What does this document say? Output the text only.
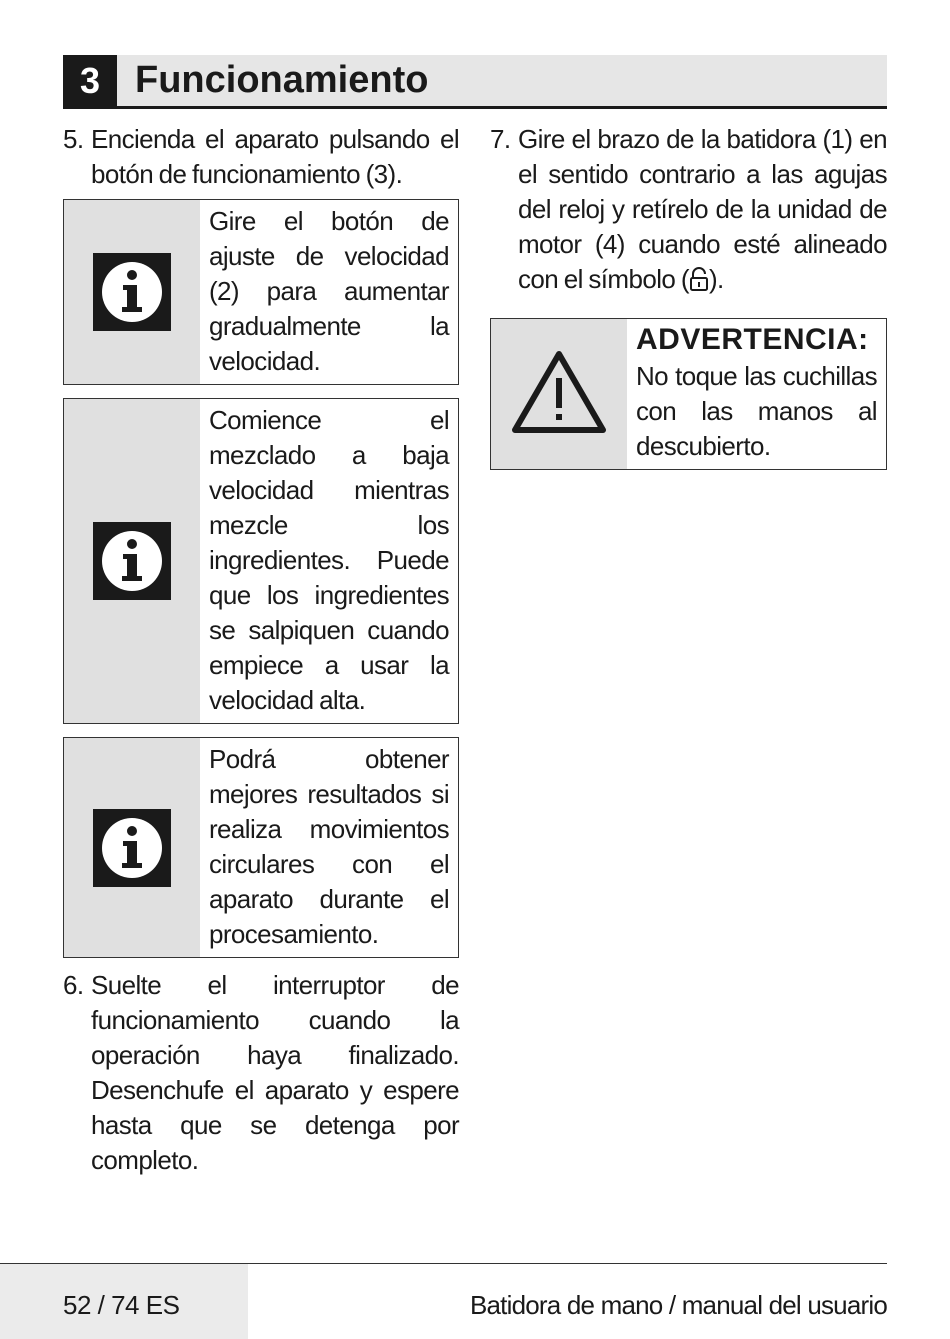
3 Funcionamiento
5. Encienda el aparato pulsando el botón de funcionamiento (3).
Gire el botón de ajuste de velocidad (2) para aumentar gradualmente la velocidad.
Comience el mezclado a baja velocidad mientras mezcle los ingredientes. Puede que los ingredientes se salpiquen cuando empiece a usar la velocidad alta.
Podrá obtener mejores resultados si realiza movimientos circulares con el aparato durante el procesamiento.
6. Suelte el interruptor de funcionamiento cuando la operación haya finalizado. Desenchufe el aparato y espere hasta que se detenga por completo.
7. Gire el brazo de la batidora (1) en el sentido contrario a las agujas del reloj y retírelo de la unidad de motor (4) cuando esté alineado con el símbolo ( ).
ADVERTENCIA:
No toque las cuchillas con las manos al descubierto.
52 / 74 ES	Batidora de mano / manual del usuario
